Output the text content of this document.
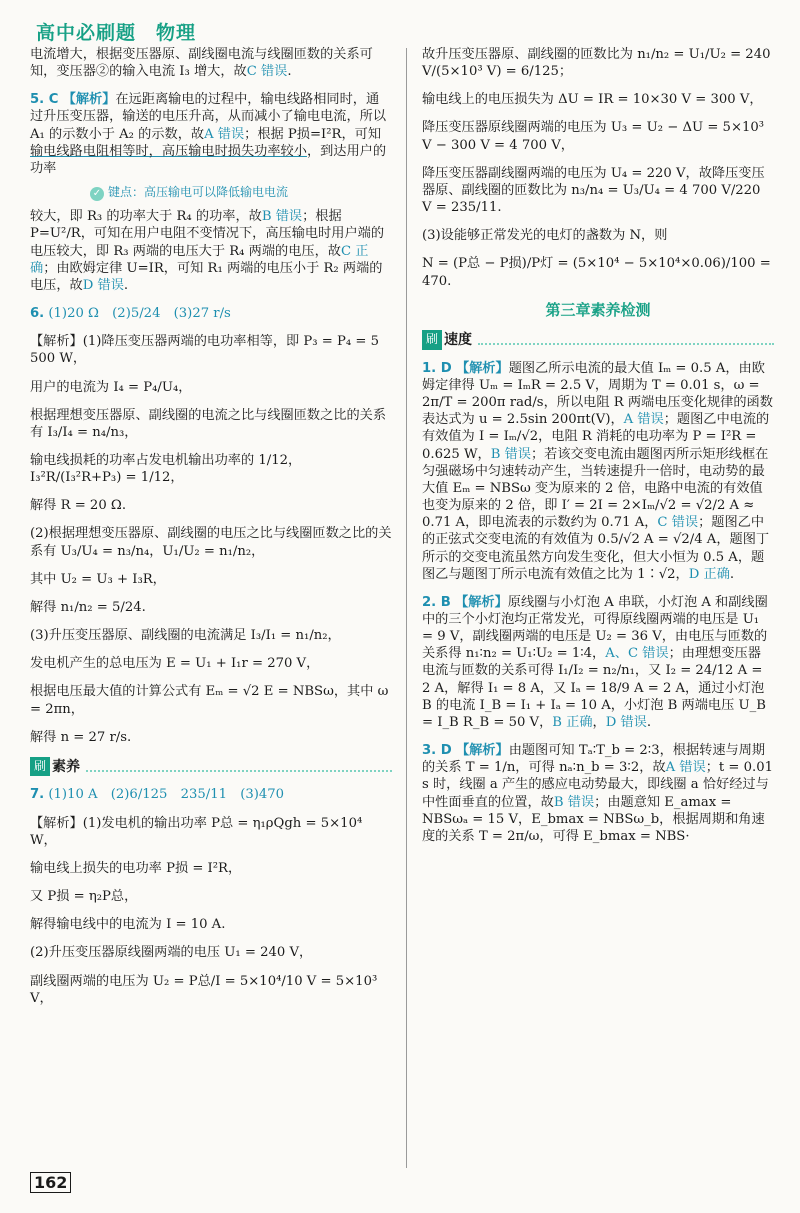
高中必刷题　物理

电流增大，根据变压器原、副线圈电流与线圈匝数的关系可知，变压器②的输入电流 I₃ 增大，故C 错误.

5. C 【解析】在远距离输电的过程中，输电线路相同时，通过升压变压器，输送的电压升高，从而减小了输电电流，所以 A₁ 的示数小于 A₂ 的示数，故A 错误；根据 P损=I²R，可知输电线路电阻相等时，高压输电时损失功率较小，到达用户的功率

✓ 键点：高压输电可以降低输电电流

较大，即 R₃ 的功率大于 R₄ 的功率，故B 错误；根据 P=U²/R，可知在用户电阻不变情况下，高压输电时用户端的电压较大，即 R₃ 两端的电压大于 R₄ 两端的电压，故C 正确；由欧姆定律 U=IR，可知 R₁ 两端的电压小于 R₂ 两端的电压，故D 错误.

6. (1)20 Ω　(2)5/24　(3)27 r/s

【解析】(1)降压变压器两端的电功率相等，即 P₃ = P₄ = 5 500 W，

用户的电流为 I₄ = P₄/U₄，

根据理想变压器原、副线圈的电流之比与线圈匝数之比的关系有 I₃/I₄ = n₄/n₃，

输电线损耗的功率占发电机输出功率的 1/12，I₃²R/(I₃²R+P₃) = 1/12，

解得 R = 20 Ω.

(2)根据理想变压器原、副线圈的电压之比与线圈匝数之比的关系有 U₃/U₄ = n₃/n₄，U₁/U₂ = n₁/n₂，

其中 U₂ = U₃ + I₃R，

解得 n₁/n₂ = 5/24.

(3)升压变压器原、副线圈的电流满足 I₃/I₁ = n₁/n₂，

发电机产生的总电压为 E = U₁ + I₁r = 270 V，

根据电压最大值的计算公式有 Eₘ = √2 E = NBSω，其中 ω = 2πn，

解得 n = 27 r/s.

刷 素养

7. (1)10 A　(2)6/125　235/11　(3)470

【解析】(1)发电机的输出功率 P总 = η₁ρQgh = 5×10⁴ W，

输电线上损失的电功率 P损 = I²R，

又 P损 = η₂P总，

解得输电线中的电流为 I = 10 A.

(2)升压变压器原线圈两端的电压 U₁ = 240 V，

副线圈两端的电压为 U₂ = P总/I = 5×10⁴/10 V = 5×10³ V，

故升压变压器原、副线圈的匝数比为 n₁/n₂ = U₁/U₂ = 240 V/(5×10³ V) = 6/125；

输电线上的电压损失为 ΔU = IR = 10×30 V = 300 V，

降压变压器原线圈两端的电压为 U₃ = U₂ − ΔU = 5×10³ V − 300 V = 4 700 V，

降压变压器副线圈两端的电压为 U₄ = 220 V，故降压变压器原、副线圈的匝数比为 n₃/n₄ = U₃/U₄ = 4 700 V/220 V = 235/11.

(3)设能够正常发光的电灯的盏数为 N，则

N = (P总 − P损)/P灯 = (5×10⁴ − 5×10⁴×0.06)/100 = 470.

第三章素养检测
刷 速度

1. D 【解析】题图乙所示电流的最大值 Iₘ = 0.5 A，由欧姆定律得 Uₘ = IₘR = 2.5 V，周期为 T = 0.01 s，ω = 2π/T = 200π rad/s，所以电阻 R 两端电压变化规律的函数表达式为 u = 2.5sin 200πt(V)，A 错误；题图乙中电流的有效值为 I = Iₘ/√2，电阻 R 消耗的电功率为 P = I²R = 0.625 W，B 错误；若该交变电流由题图丙所示矩形线框在匀强磁场中匀速转动产生，当转速提升一倍时，电动势的最大值 Eₘ = NBSω 变为原来的 2 倍，电路中电流的有效值也变为原来的 2 倍，即 I′ = 2I = 2×Iₘ/√2 = √2/2 A ≈ 0.71 A，即电流表的示数约为 0.71 A，C 错误；题图乙中的正弦式交变电流的有效值为 0.5/√2 A = √2/4 A，题图丁所示的交变电流虽然方向发生变化，但大小恒为 0.5 A，题图乙与题图丁所示电流有效值之比为 1∶√2，D 正确.

2. B 【解析】原线圈与小灯泡 A 串联，小灯泡 A 和副线圈中的三个小灯泡均正常发光，可得原线圈两端的电压是 U₁ = 9 V，副线圈两端的电压是 U₂ = 36 V，由电压与匝数的关系得 n₁∶n₂ = U₁∶U₂ = 1∶4，A、C 错误；由理想变压器电流与匝数的关系可得 I₁/I₂ = n₂/n₁，又 I₂ = 24/12 A = 2 A，解得 I₁ = 8 A，又 Iₐ = 18/9 A = 2 A，通过小灯泡 B 的电流 I_B = I₁ + Iₐ = 10 A，小灯泡 B 两端电压 U_B = I_B R_B = 50 V，B 正确，D 错误.

3. D 【解析】由题图可知 Tₐ∶T_b = 2∶3，根据转速与周期的关系 T = 1/n，可得 nₐ∶n_b = 3∶2，故A 错误；t = 0.01 s 时，线圈 a 产生的感应电动势最大，即线圈 a 恰好经过与中性面垂直的位置，故B 错误；由题意知 E_amax = NBSωₐ = 15 V，E_bmax = NBSω_b，根据周期和角速度的关系 T = 2π/ω，可得 E_bmax = NBS·

162
